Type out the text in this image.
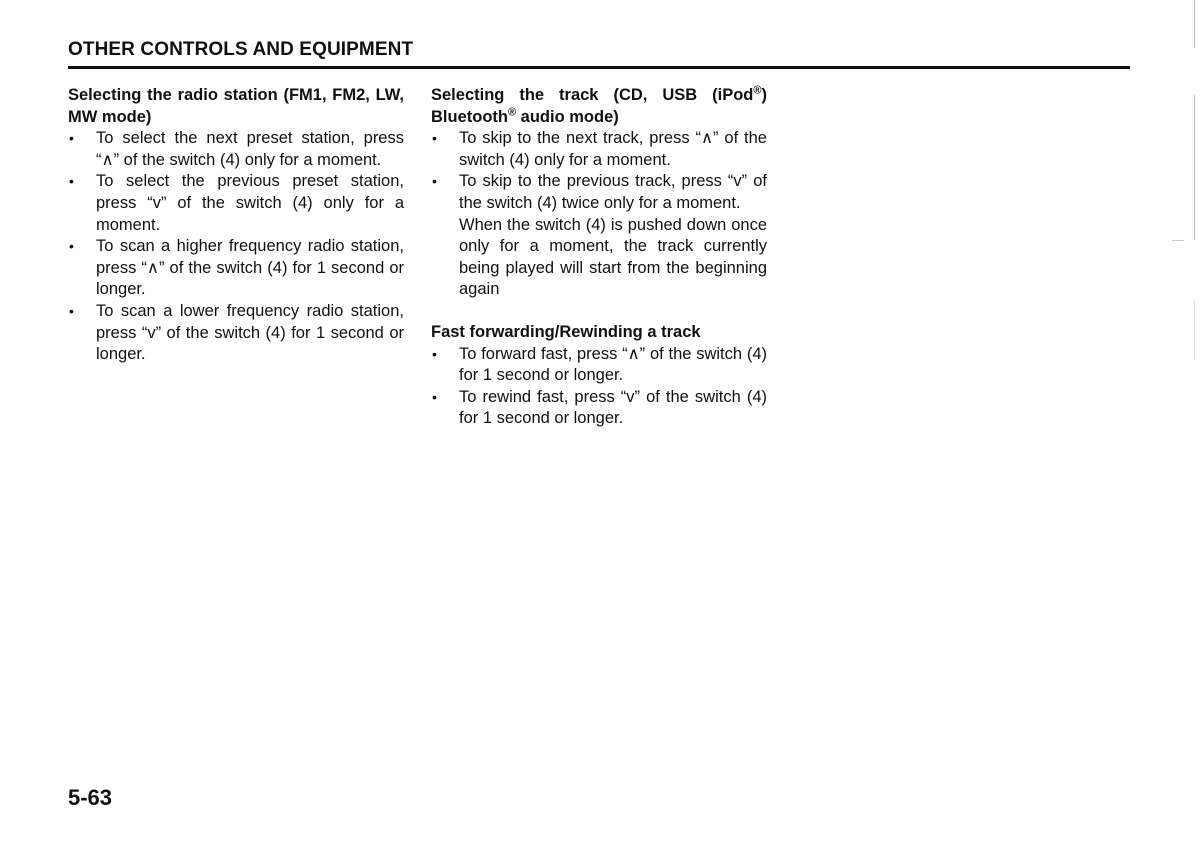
OTHER CONTROLS AND EQUIPMENT

Selecting the radio station (FM1, FM2, LW, MW mode)

• To select the next preset station, press “∧” of the switch (4) only for a moment.
• To select the previous preset station, press “v” of the switch (4) only for a moment.
• To scan a higher frequency radio station, press “∧” of the switch (4) for 1 second or longer.
• To scan a lower frequency radio station, press “v” of the switch (4) for 1 second or longer.

Selecting the track (CD, USB (iPod®) Bluetooth® audio mode)

• To skip to the next track, press “∧” of the switch (4) only for a moment.
• To skip to the previous track, press “v” of the switch (4) twice only for a moment.
When the switch (4) is pushed down once only for a moment, the track currently being played will start from the beginning again

Fast forwarding/Rewinding a track

• To forward fast, press “∧” of the switch (4) for 1 second or longer.
• To rewind fast, press “v” of the switch (4) for 1 second or longer.
5-63
